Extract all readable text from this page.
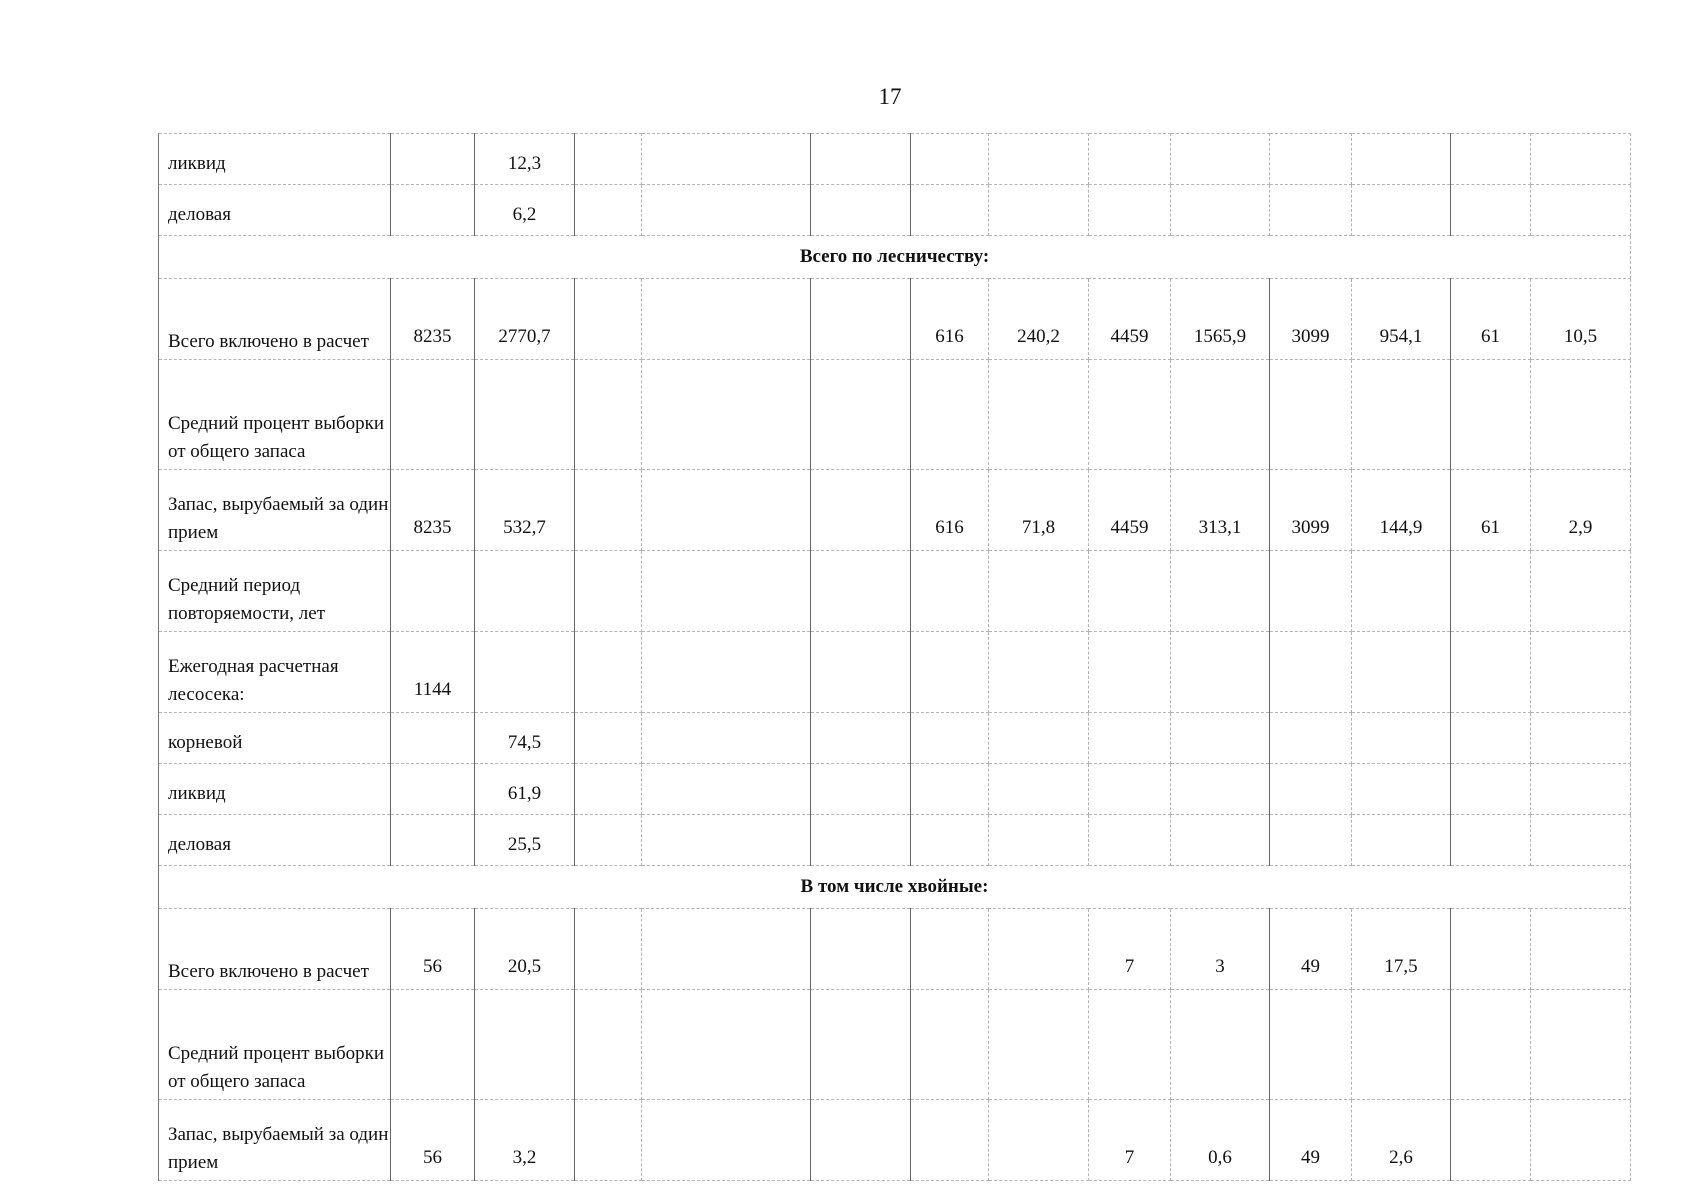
17
ликвид		12,3											
деловая		6,2											
Всего по лесничеству:													
Всего включено в расчет	8235	2770,7				616	240,2	4459	1565,9	3099	954,1	61	10,5
Средний процент выборки от общего запаса													
Запас, вырубаемый за один прием	8235	532,7				616	71,8	4459	313,1	3099	144,9	61	2,9
Средний период повторяемости, лет													
Ежегодная расчетная лесосека:	1144												
корневой		74,5											
ликвид		61,9											
деловая		25,5											
В том числе хвойные:													
Всего включено в расчет	56	20,5						7	3	49	17,5		
Средний процент выборки от общего запаса													
Запас, вырубаемый за один прием	56	3,2						7	0,6	49	2,6		
